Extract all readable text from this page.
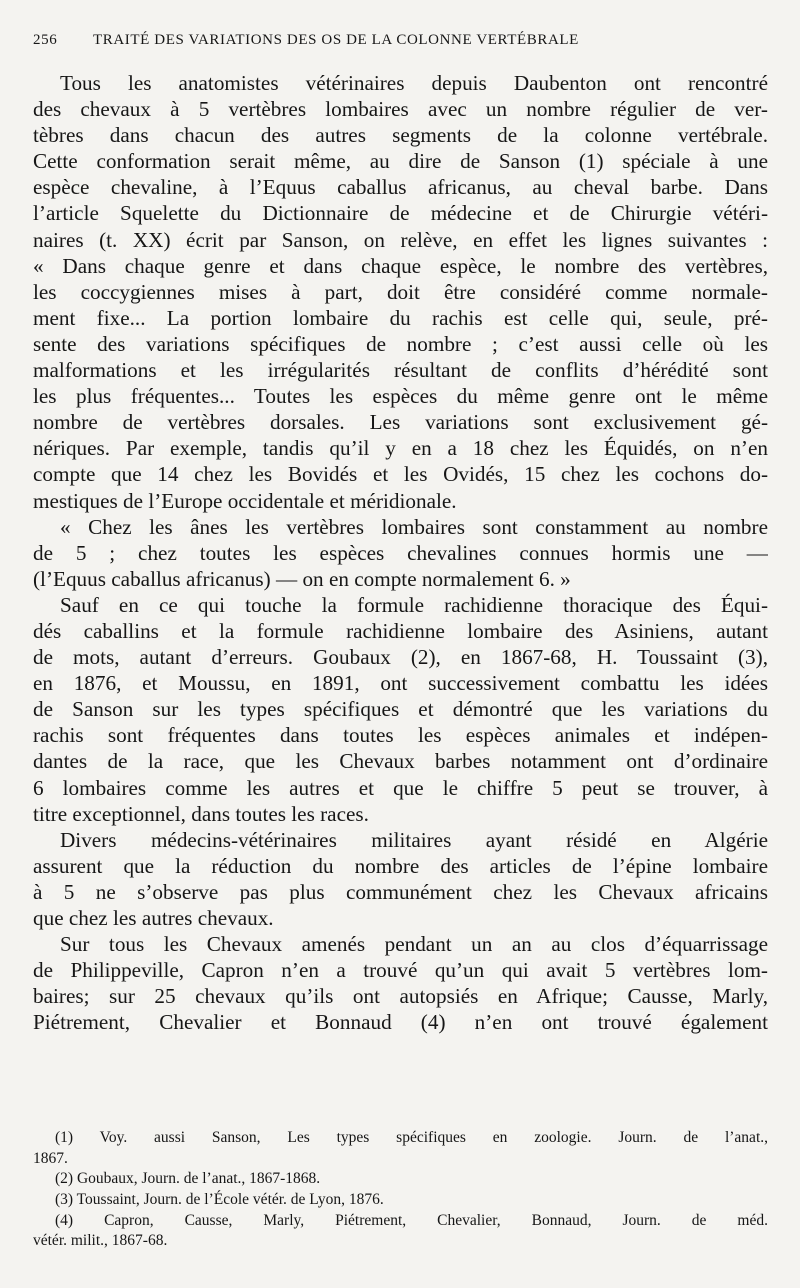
256 TRAITÉ DES VARIATIONS DES OS DE LA COLONNE VERTÉBRALE
Tous les anatomistes vétérinaires depuis Daubenton ont rencontré
des chevaux à 5 vertèbres lombaires avec un nombre régulier de ver-
tèbres dans chacun des autres segments de la colonne vertébrale.
Cette conformation serait même, au dire de Sanson (1) spéciale à une
espèce chevaline, à l’Equus caballus africanus, au cheval barbe. Dans
l’article Squelette du Dictionnaire de médecine et de Chirurgie vétéri-
naires (t. XX) écrit par Sanson, on relève, en effet les lignes suivantes :
« Dans chaque genre et dans chaque espèce, le nombre des vertèbres,
les coccygiennes mises à part, doit être considéré comme normale-
ment fixe... La portion lombaire du rachis est celle qui, seule, pré-
sente des variations spécifiques de nombre ; c’est aussi celle où les
malformations et les irrégularités résultant de conflits d’hérédité sont
les plus fréquentes... Toutes les espèces du même genre ont le même
nombre de vertèbres dorsales. Les variations sont exclusivement gé-
nériques. Par exemple, tandis qu’il y en a 18 chez les Équidés, on n’en
compte que 14 chez les Bovidés et les Ovidés, 15 chez les cochons do-
mestiques de l’Europe occidentale et méridionale.
« Chez les ânes les vertèbres lombaires sont constamment au nombre
de 5 ; chez toutes les espèces chevalines connues hormis une —
(l’Equus caballus africanus) — on en compte normalement 6. »
Sauf en ce qui touche la formule rachidienne thoracique des Équi-
dés caballins et la formule rachidienne lombaire des Asiniens, autant
de mots, autant d’erreurs. Goubaux (2), en 1867-68, H. Toussaint (3),
en 1876, et Moussu, en 1891, ont successivement combattu les idées
de Sanson sur les types spécifiques et démontré que les variations du
rachis sont fréquentes dans toutes les espèces animales et indépen-
dantes de la race, que les Chevaux barbes notamment ont d’ordinaire
6 lombaires comme les autres et que le chiffre 5 peut se trouver, à
titre exceptionnel, dans toutes les races.
Divers médecins-vétérinaires militaires ayant résidé en Algérie
assurent que la réduction du nombre des articles de l’épine lombaire
à 5 ne s’observe pas plus communément chez les Chevaux africains
que chez les autres chevaux.
Sur tous les Chevaux amenés pendant un an au clos d’équarrissage
de Philippeville, Capron n’en a trouvé qu’un qui avait 5 vertèbres lom-
baires; sur 25 chevaux qu’ils ont autopsiés en Afrique; Causse, Marly,
Piétrement, Chevalier et Bonnaud (4) n’en ont trouvé également
(1) Voy. aussi Sanson, Les types spécifiques en zoologie. Journ. de l’anat.,
1867.
(2) Goubaux, Journ. de l’anat., 1867-1868.
(3) Toussaint, Journ. de l’École vétér. de Lyon, 1876.
(4) Capron, Causse, Marly, Piétrement, Chevalier, Bonnaud, Journ. de méd.
vétér. milit., 1867-68.
